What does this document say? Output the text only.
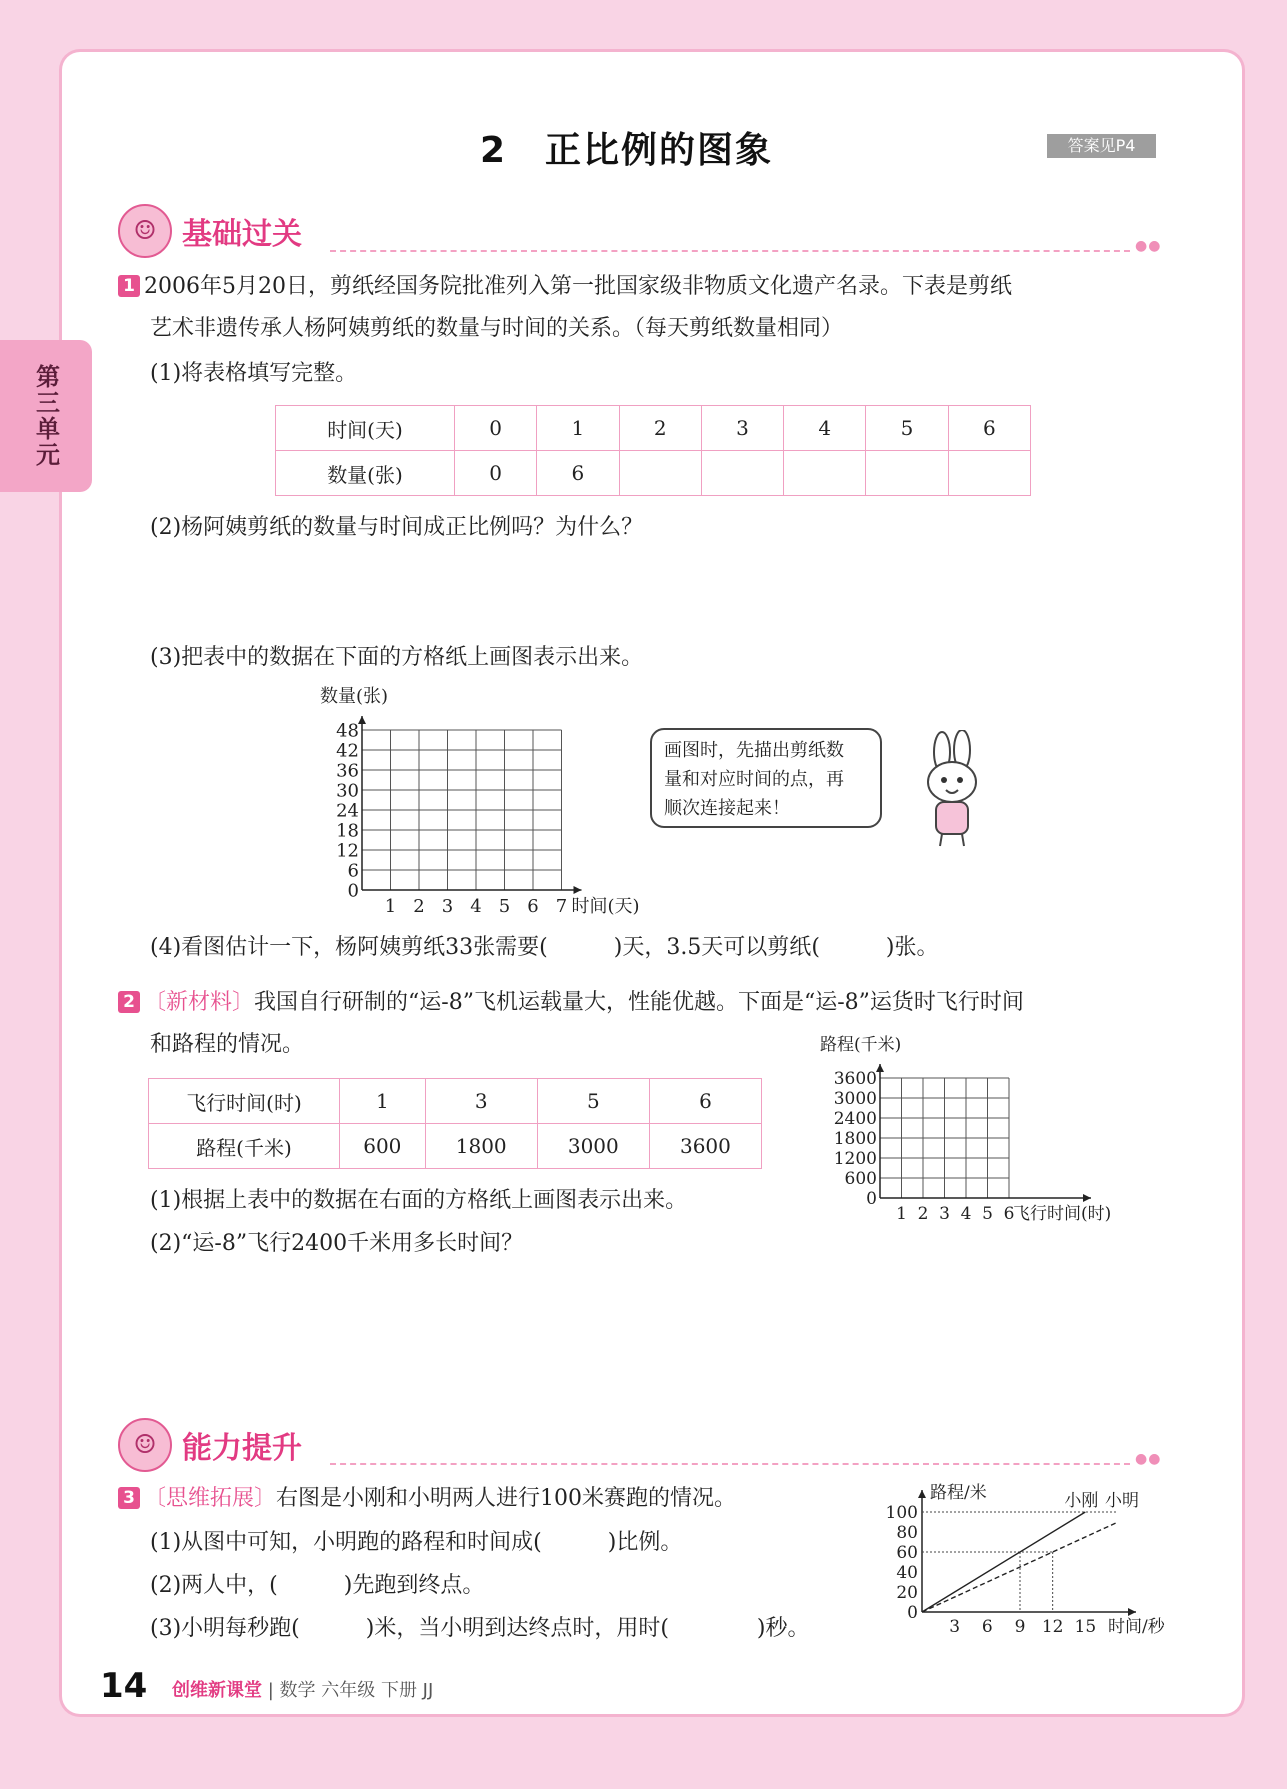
第三单元
2　正比例的图象	答案见P4
☺ 基础过关	●●
1 2006年5月20日，剪纸经国务院批准列入第一批国家级非物质文化遗产名录。下表是剪纸
艺术非遗传承人杨阿姨剪纸的数量与时间的关系。（每天剪纸数量相同）
(1)将表格填写完整。
时间(天)	0	1	2	3	4	5	6
数量(张)	0	6					
(2)杨阿姨剪纸的数量与时间成正比例吗？为什么？
(3)把表中的数据在下面的方格纸上画图表示出来。
1 2 3 4 5 6 7
0
6
12
18
24
30
36
42
48
数量(张)
时间(天)
画图时，先描出剪纸数
量和对应时间的点，再
顺次连接起来！
(4)看图估计一下，杨阿姨剪纸33张需要(　　　)天，3.5天可以剪纸(　　　)张。
2 〔新材料〕我国自行研制的“运-8”飞机运载量大，性能优越。下面是“运-8”运货时飞行时间
和路程的情况。
飞行时间(时)	1	3	5	6
路程(千米)	600	1800	3000	3600
1 2 3 4 5 6
0
600
1200
1800
2400
3000
3600
路程(千米)
飞行时间(时)
(1)根据上表中的数据在右面的方格纸上画图表示出来。
(2)“运-8”飞行2400千米用多长时间？
☺ 能力提升	●●
3 〔思维拓展〕右图是小刚和小明两人进行100米赛跑的情况。
(1)从图中可知，小明跑的路程和时间成(　　　)比例。
(2)两人中，(　　　)先跑到终点。
(3)小明每秒跑(　　　)米，当小明到达终点时，用时(　　　　)秒。
0
20
40
60
80
100
3 6 9 12 15
小刚 小明
路程/米
时间/秒
14 创维新课堂 | 数学 六年级 下册 JJ
